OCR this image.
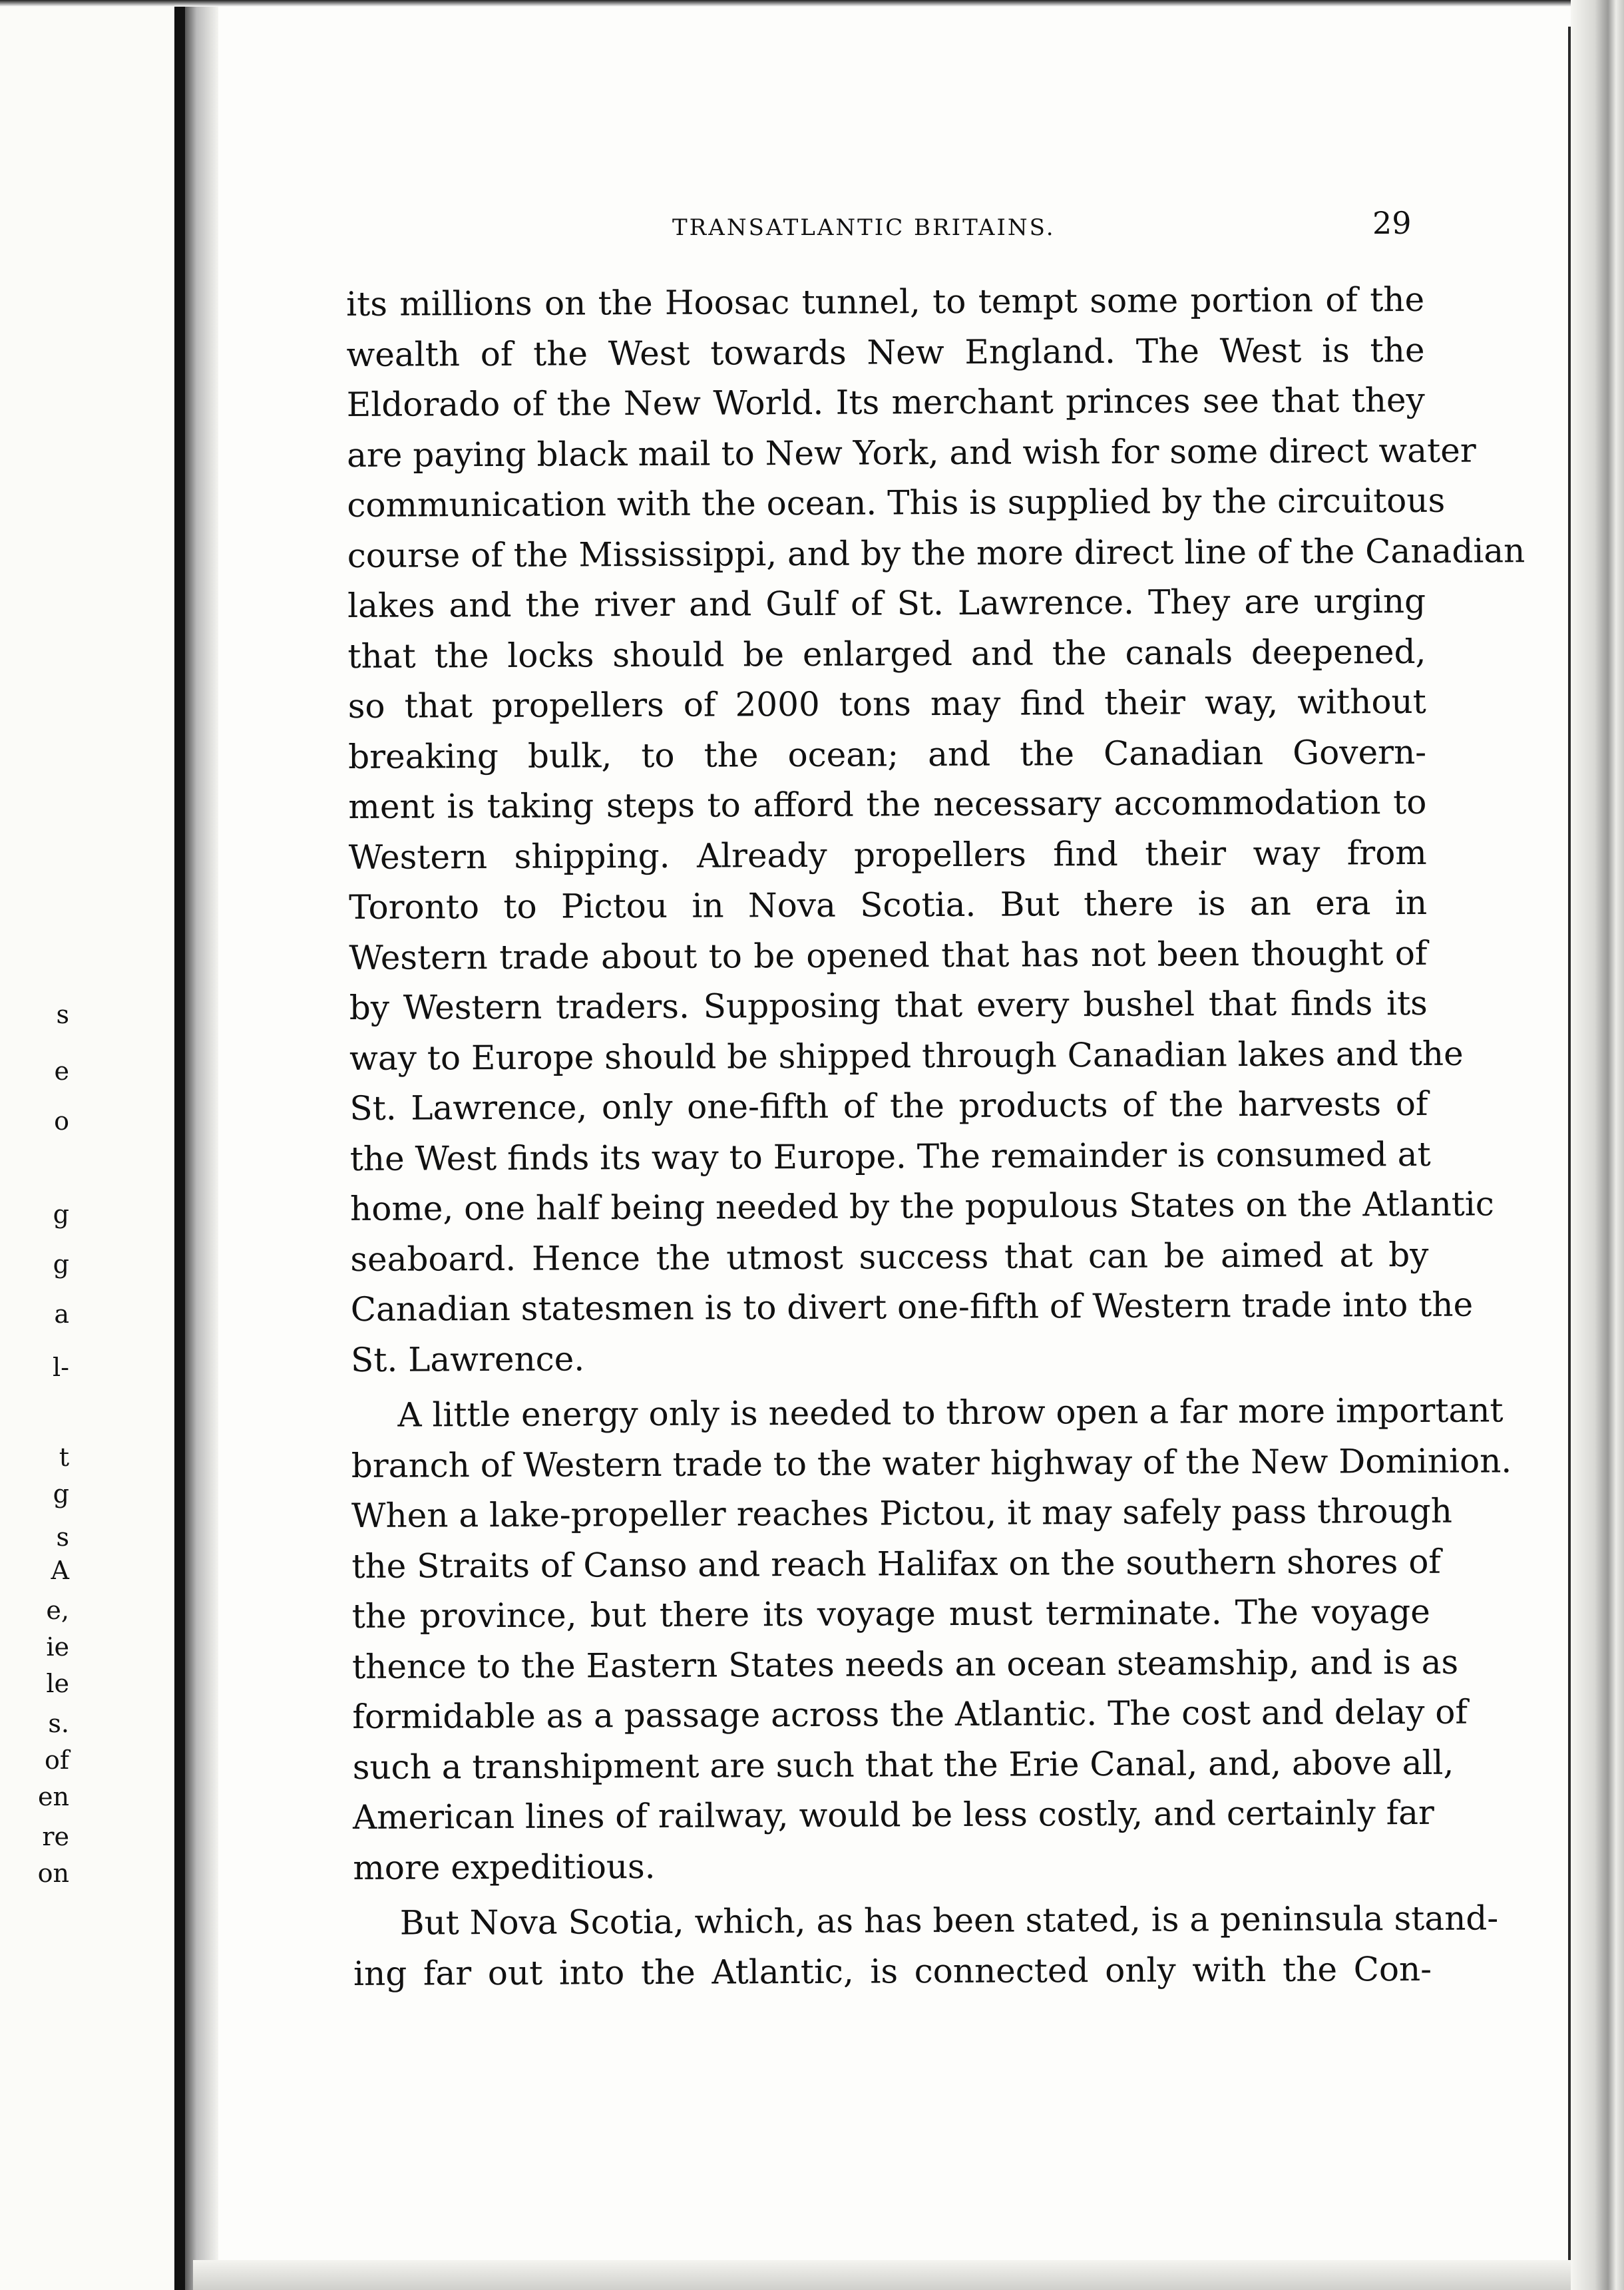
s
e
o
g
g
a
l-
t
g
s
A
e,
ie
le
s.
of
en
re
on
TRANSATLANTIC BRITAINS.	29
its millions on the Hoosac tunnel, to tempt some portion of the
wealth of the West towards New England. The West is the
Eldorado of the New World. Its merchant princes see that they
are paying black mail to New York, and wish for some direct water
communication with the ocean. This is supplied by the circuitous
course of the Mississippi, and by the more direct line of the Canadian
lakes and the river and Gulf of St. Lawrence. They are urging
that the locks should be enlarged and the canals deepened,
so that propellers of 2000 tons may find their way, without
breaking bulk, to the ocean; and the Canadian Govern-
ment is taking steps to afford the necessary accommodation to
Western shipping. Already propellers find their way from
Toronto to Pictou in Nova Scotia. But there is an era in
Western trade about to be opened that has not been thought of
by Western traders. Supposing that every bushel that finds its
way to Europe should be shipped through Canadian lakes and the
St. Lawrence, only one-fifth of the products of the harvests of
the West finds its way to Europe. The remainder is consumed at
home, one half being needed by the populous States on the Atlantic
seaboard. Hence the utmost success that can be aimed at by
Canadian statesmen is to divert one-fifth of Western trade into the
St. Lawrence.
A little energy only is needed to throw open a far more important
branch of Western trade to the water highway of the New Dominion.
When a lake-propeller reaches Pictou, it may safely pass through
the Straits of Canso and reach Halifax on the southern shores of
the province, but there its voyage must terminate. The voyage
thence to the Eastern States needs an ocean steamship, and is as
formidable as a passage across the Atlantic. The cost and delay of
such a transhipment are such that the Erie Canal, and, above all,
American lines of railway, would be less costly, and certainly far
more expeditious.
But Nova Scotia, which, as has been stated, is a peninsula stand-
ing far out into the Atlantic, is connected only with the Con-
